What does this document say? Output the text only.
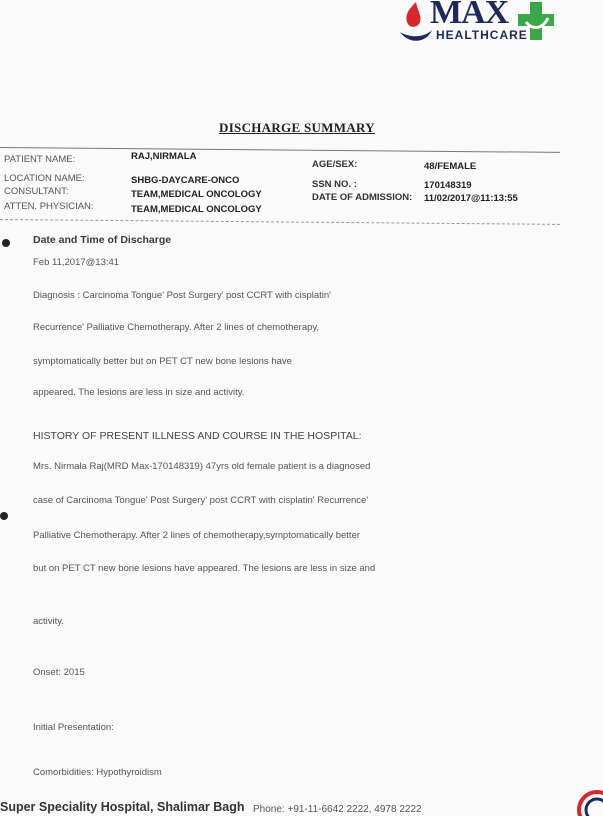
MAX
HEALTHCARE
DISCHARGE SUMMARY
PATIENT NAME:	RAJ,NIRMALA
LOCATION NAME:	SHBG-DAYCARE-ONCO
CONSULTANT:	TEAM,MEDICAL ONCOLOGY
ATTEN. PHYSICIAN:	TEAM,MEDICAL ONCOLOGY
AGE/SEX:	48/FEMALE
SSN NO. :	170148319
DATE OF ADMISSION: 11/02/2017@11:13:55
Date and Time of Discharge
Feb 11,2017@13:41
Diagnosis : Carcinoma Tongue' Post Surgery' post CCRT with cisplatin'
Recurrence' Palliative Chemotherapy. After 2 lines of chemotherapy,
symptomatically better but on PET CT new bone lesions have
appeared. The lesions are less in size and activity.
HISTORY OF PRESENT ILLNESS AND COURSE IN THE HOSPITAL:
Mrs. Nirmala Raj(MRD Max-170148319) 47yrs old female patient is a diagnosed
case of Carcinoma Tongue' Post Surgery' post CCRT with cisplatin' Recurrence'
Palliative Chemotherapy. After 2 lines of chemotherapy,symptomatically better
but on PET CT new bone lesions have appeared. The lesions are less in size and
activity.
Onset: 2015
Initial Presentation:
Comorbidities: Hypothyroidism
Super Speciality Hospital, Shalimar Bagh Phone: +91-11-6642 2222, 4978 2222
